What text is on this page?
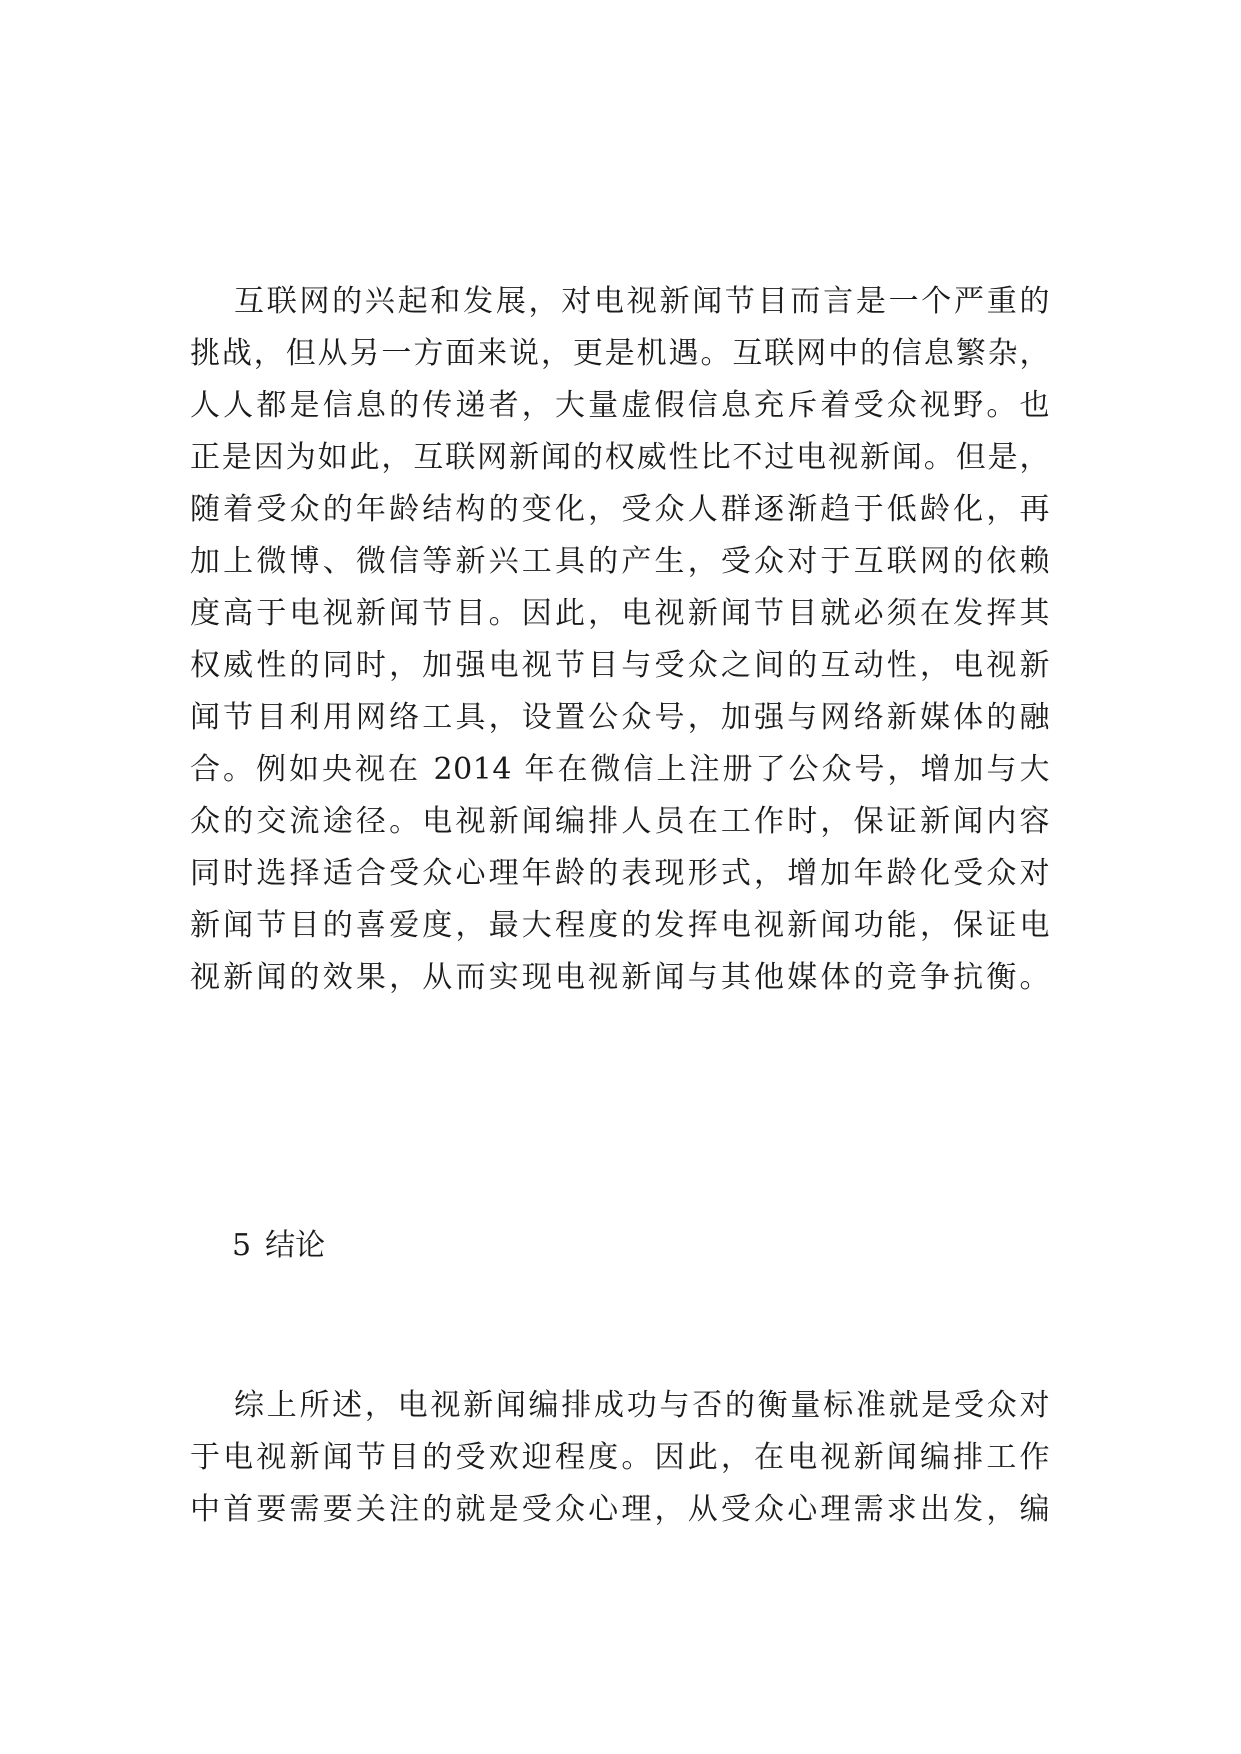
互联网的兴起和发展，对电视新闻节目而言是一个严重的
挑战，但从另一方面来说，更是机遇。互联网中的信息繁杂，
人人都是信息的传递者，大量虚假信息充斥着受众视野。也
正是因为如此，互联网新闻的权威性比不过电视新闻。但是，
随着受众的年龄结构的变化，受众人群逐渐趋于低龄化，再
加上微博、微信等新兴工具的产生，受众对于互联网的依赖
度高于电视新闻节目。因此，电视新闻节目就必须在发挥其
权威性的同时，加强电视节目与受众之间的互动性，电视新
闻节目利用网络工具，设置公众号，加强与网络新媒体的融
合。例如央视在 2014 年在微信上注册了公众号，增加与大
众的交流途径。电视新闻编排人员在工作时，保证新闻内容
同时选择适合受众心理年龄的表现形式，增加年龄化受众对
新闻节目的喜爱度，最大程度的发挥电视新闻功能，保证电
视新闻的效果，从而实现电视新闻与其他媒体的竞争抗衡。
5 结论
综上所述，电视新闻编排成功与否的衡量标准就是受众对
于电视新闻节目的受欢迎程度。因此，在电视新闻编排工作
中首要需要关注的就是受众心理，从受众心理需求出发，编
